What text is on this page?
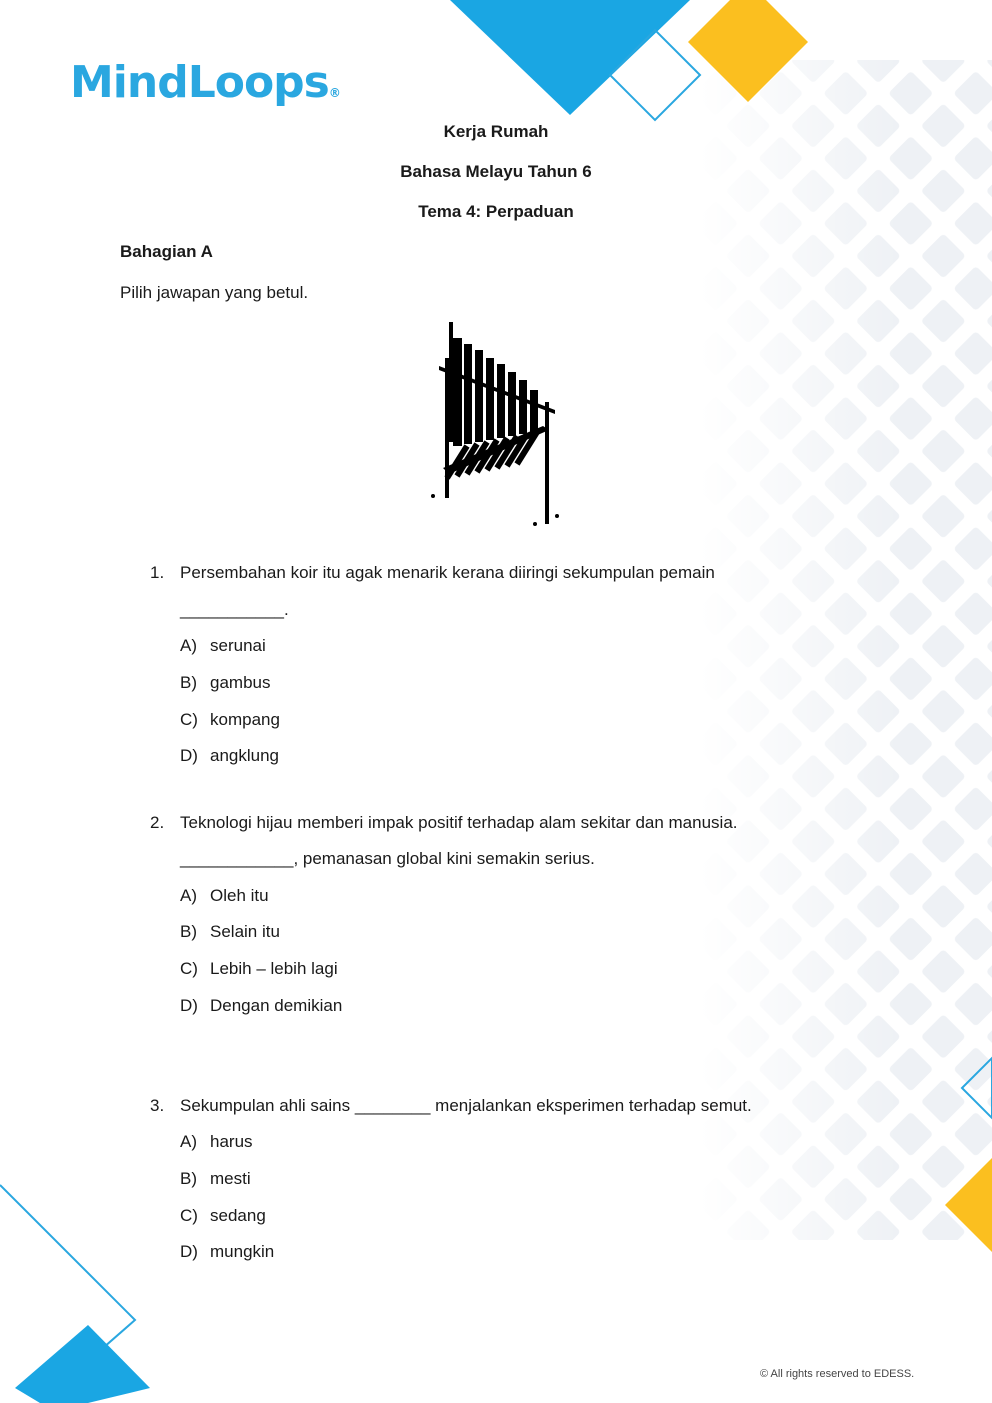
MindLoops®
Kerja Rumah
Bahasa Melayu Tahun 6
Tema 4: Perpaduan
Bahagian A
Pilih jawapan yang betul.
1. Persembahan koir itu agak menarik kerana diiringi sekumpulan pemain
___________.
A) serunai
B) gambus
C) kompang
D) angklung
2. Teknologi hijau memberi impak positif terhadap alam sekitar dan manusia.
____________, pemanasan global kini semakin serius.
A) Oleh itu
B) Selain itu
C) Lebih – lebih lagi
D) Dengan demikian
3. Sekumpulan ahli sains ________ menjalankan eksperimen terhadap semut.
A) harus
B) mesti
C) sedang
D) mungkin
© All rights reserved to EDESS.
